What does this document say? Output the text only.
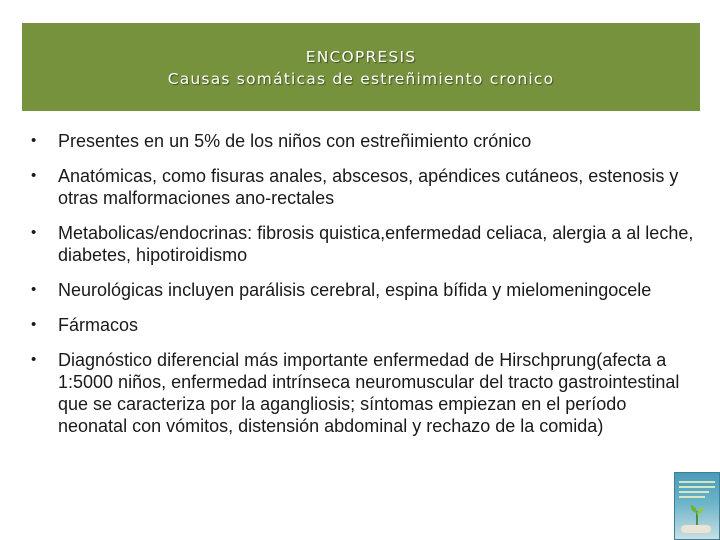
ENCOPRESIS
Causas somáticas de estreñimiento cronico
• Presentes en un 5% de los niños con estreñimiento crónico
• Anatómicas, como fisuras anales, abscesos, apéndices cutáneos, estenosis y otras malformaciones ano-rectales
• Metabolicas/endocrinas: fibrosis quistica,enfermedad celiaca, alergia a al leche, diabetes, hipotiroidismo
• Neurológicas incluyen parálisis cerebral, espina bífida y mielomeningocele
• Fármacos
• Diagnóstico diferencial más importante enfermedad de Hirschprung(afecta a 1:5000 niños, enfermedad intrínseca neuromuscular del tracto gastrointestinal que se caracteriza por la agangliosis; síntomas empiezan en el período neonatal con vómitos, distensión abdominal y rechazo de la comida)
